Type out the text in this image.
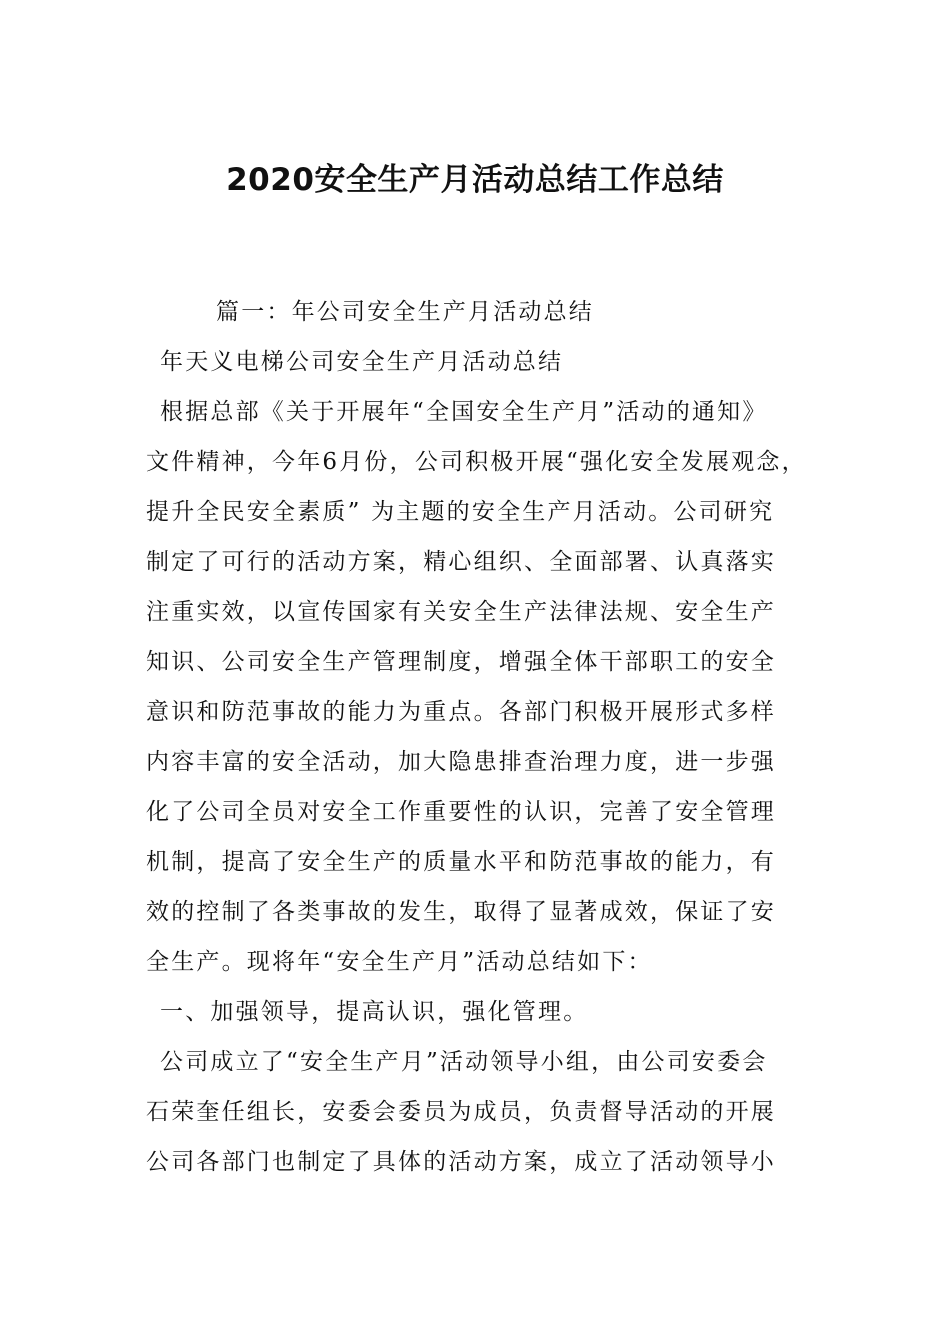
2020安全生产月活动总结工作总结
篇一：年公司安全生产月活动总结
年天义电梯公司安全生产月活动总结
根据总部《关于开展年“全国安全生产月”活动的通知》
文件精神，今年6月份，公司积极开展“强化安全发展观念，
提升全民安全素质” 为主题的安全生产月活动。公司研究
制定了可行的活动方案，精心组织、全面部署、认真落实
注重实效，以宣传国家有关安全生产法律法规、安全生产
知识、公司安全生产管理制度，增强全体干部职工的安全
意识和防范事故的能力为重点。各部门积极开展形式多样
内容丰富的安全活动，加大隐患排查治理力度，进一步强
化了公司全员对安全工作重要性的认识，完善了安全管理
机制，提高了安全生产的质量水平和防范事故的能力，有
效的控制了各类事故的发生，取得了显著成效，保证了安
全生产。现将年“安全生产月”活动总结如下：
一、加强领导，提高认识，强化管理。
公司成立了“安全生产月”活动领导小组，由公司安委会
石荣奎任组长，安委会委员为成员，负责督导活动的开展
公司各部门也制定了具体的活动方案，成立了活动领导小
